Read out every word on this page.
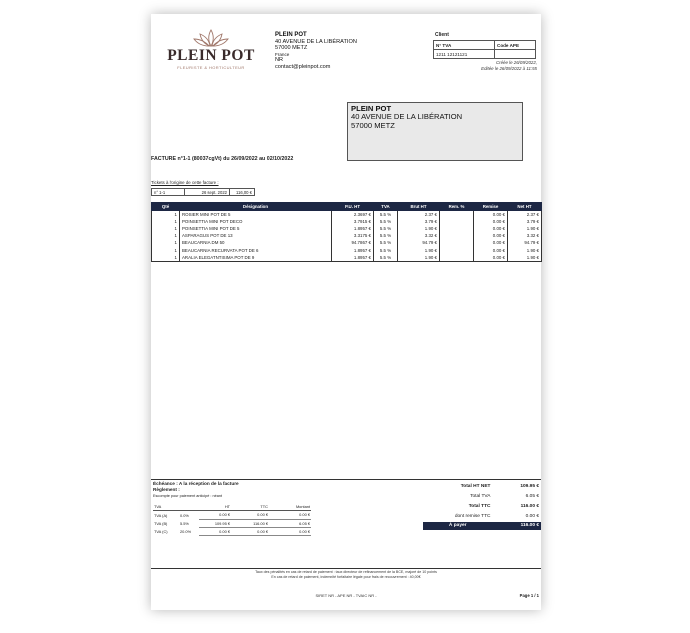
PLEIN POT
FLEURISTE & HORTICULTEUR
PLEIN POT
40 AVENUE DE LA LIBÉRATION
57000 METZ
France
NR
contact@pleinpot.com
Client
N° TVA	Code APE
1211 12121121	
Créée le 26/09/2022,
Editée le 26/09/2022 à 11:55
PLEIN POT
40 AVENUE DE LA LIBÉRATION
57000 METZ
FACTURE n°1-1 (80037cgVt) du 26/09/2022 au 02/10/2022
Tickets à l'origine de cette facture :
n° 1-1	26 sept. 2022	116,00 €
Qté	Désignation	P.U. HT	TVA	Brut HT	Rem. %	Remise	Net HT
1	ROSIER MINI POT DE 5	2.3697 €	5.5 %	2.37 €		0.00 €	2.37 €
1	POINSETTIA MINI POT DECO	3.7915 €	5.5 %	3.79 €		0.00 €	3.79 €
1	POINSETTIA MINI POT DE 5	1.8957 €	5.5 %	1.90 €		0.00 €	1.90 €
1	ASPARAGUS POT DE 13	3.3175 €	5.5 %	3.32 €		0.00 €	3.32 €
1	BEAUCARNIA DM 50	94.7867 €	5.5 %	94.79 €		0.00 €	94.79 €
1	BEAUCARNIA RECURVATA POT DE 6	1.8957 €	5.5 %	1.90 €		0.00 €	1.90 €
1	ARALIA ELEGATNTISIMA POT DE 9	1.8957 €	5.5 %	1.90 €		0.00 €	1.90 €
Échéance : A la réception de la facture
Règlement :
Escompte pour paiement anticipé : néant
TVA		HT	TTC	Montant
TVA (A)	0.0%	0.00 €	0.00 €	0.00 €
TVA (B)	5.5%	109.95 €	116.00 €	6.05 €
TVA (C)	20.0%	0.00 €	0.00 €	0.00 €
Total HT NET	109.95 €
Total TVA	6.05 €
Total TTC	116.00 €
dont remise TTC	0.00 €
À payer	116.00 €
Taux des pénalités en cas de retard de paiement : taux directeur de refinancement de la BCE, majoré de 10 points
En cas de retard de paiement, indemnité forfaitaire légale pour frais de recouvrement : 40,00€
SIRET NR - APE NR - TVAIC NR -	Page 1 / 1
